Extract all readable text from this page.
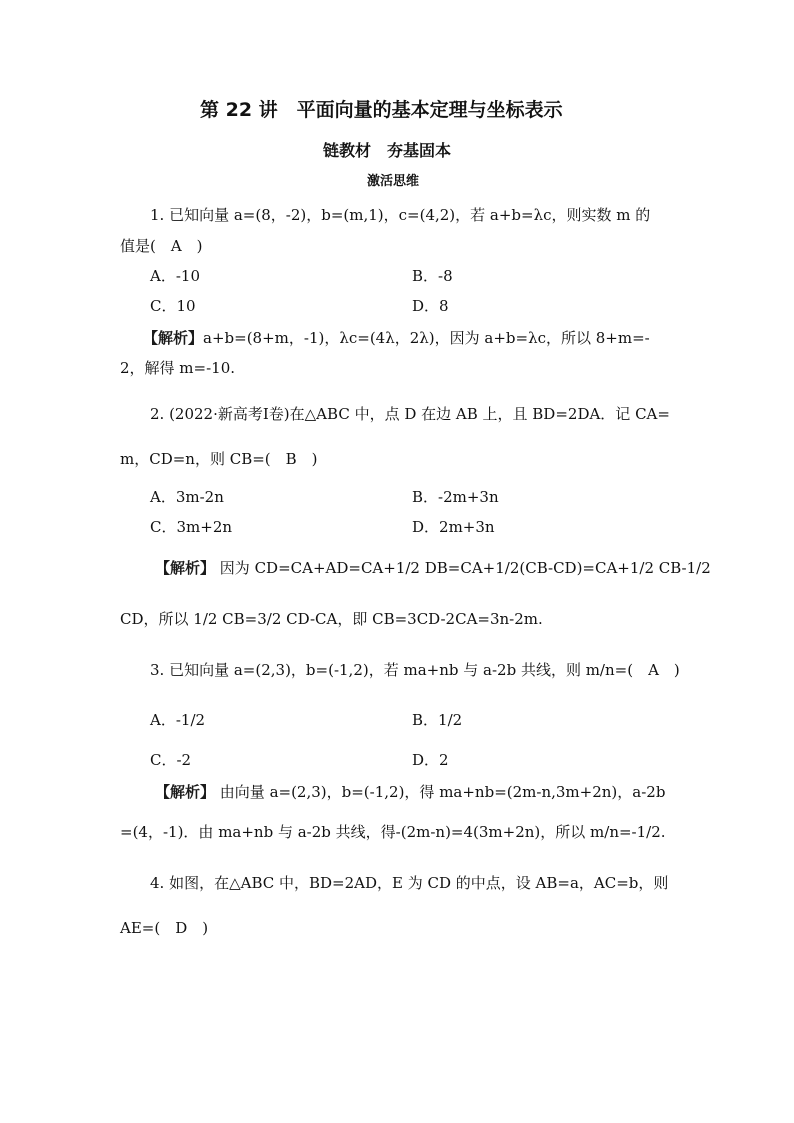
第 22 讲　平面向量的基本定理与坐标表示
链教材　夯基固本
激活思维
1. 已知向量 a=(8，-2)，b=(m,1)，c=(4,2)，若 a+b=λc，则实数 m 的
值是(　A　)
A．-10	B．-8
C．10	D．8
【解析】a+b=(8+m，-1)，λc=(4λ，2λ)，因为 a+b=λc，所以 8+m=-
2，解得 m=-10.
2. (2022·新高考Ⅰ卷)在△ABC 中，点 D 在边 AB 上，且 BD=2DA．记 CA=
m，CD=n，则 CB=(　B　)
A．3m-2n	B．-2m+3n
C．3m+2n	D．2m+3n
【解析】 因为 CD=CA+AD=CA+1/2 DB=CA+1/2(CB-CD)=CA+1/2 CB-1/2
CD，所以 1/2 CB=3/2 CD-CA，即 CB=3CD-2CA=3n-2m.
3. 已知向量 a=(2,3)，b=(-1,2)，若 ma+nb 与 a-2b 共线，则 m/n=(　A　)
A．-1/2	B．1/2
C．-2	D．2
【解析】 由向量 a=(2,3)，b=(-1,2)，得 ma+nb=(2m-n,3m+2n)，a-2b
=(4，-1)．由 ma+nb 与 a-2b 共线，得-(2m-n)=4(3m+2n)，所以 m/n=-1/2.
4. 如图，在△ABC 中，BD=2AD，E 为 CD 的中点，设 AB=a，AC=b，则
AE=(　D　)
